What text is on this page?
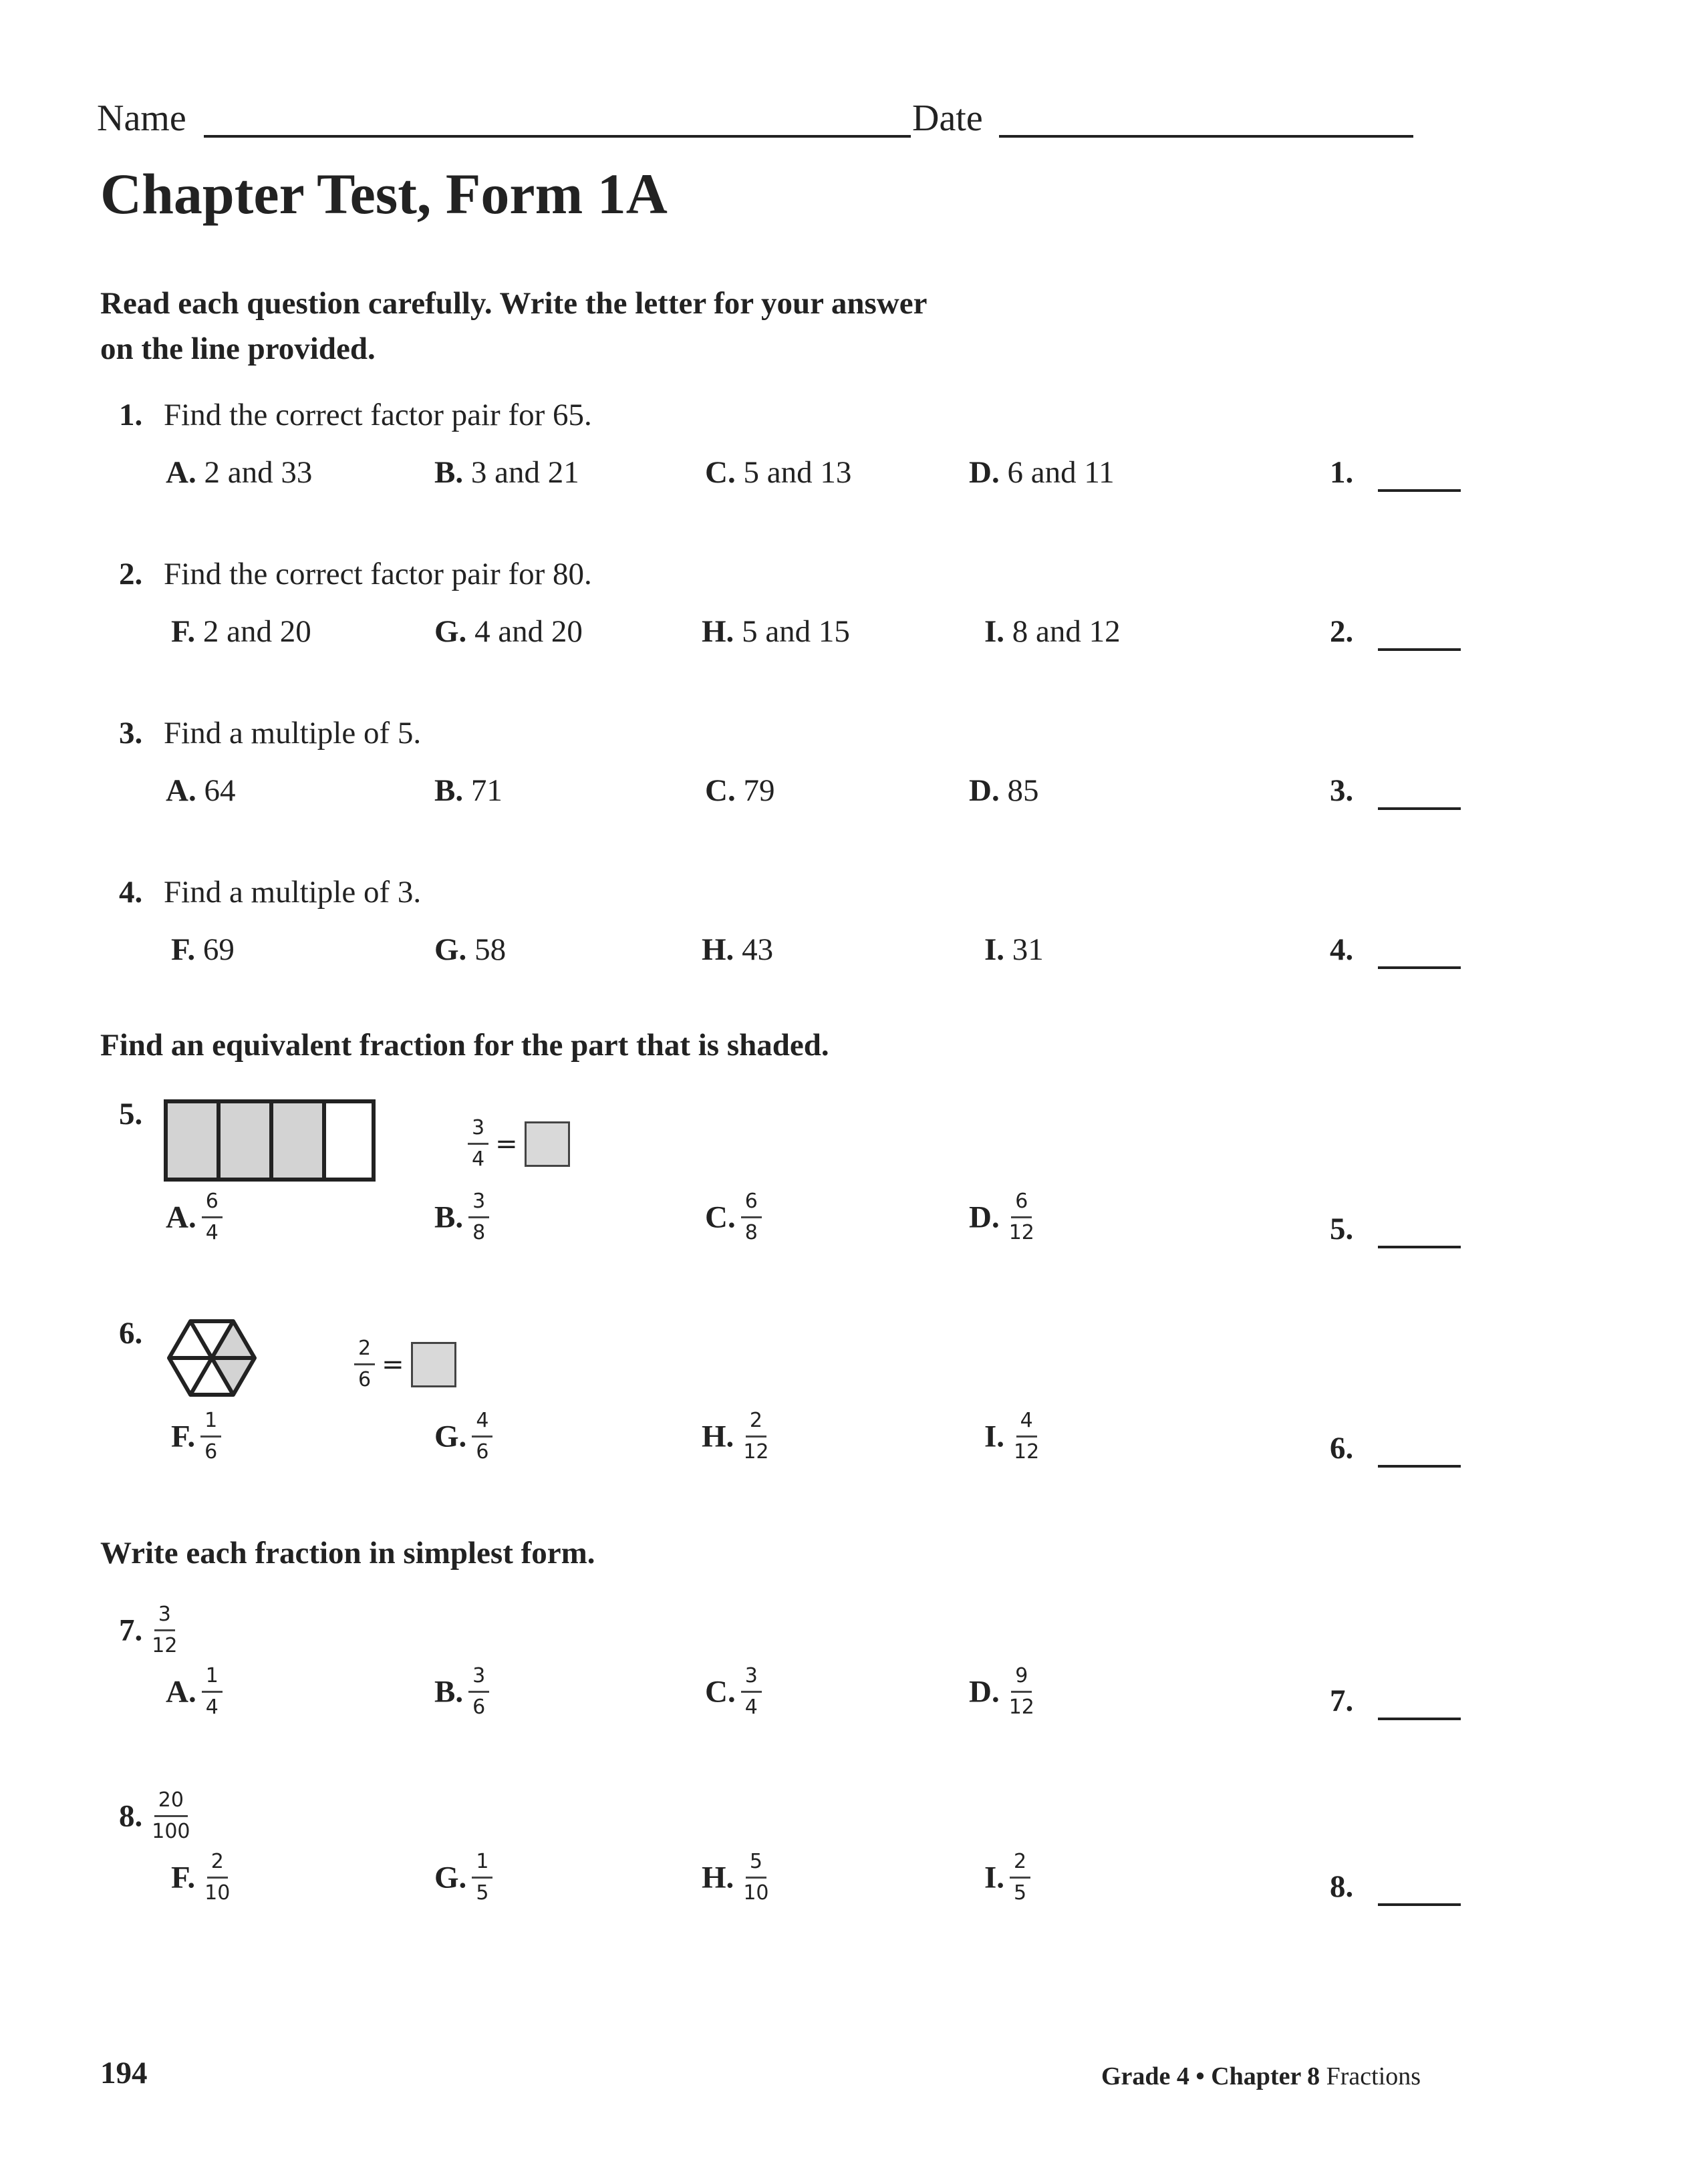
Name	Date
Chapter Test, Form 1A
Read each question carefully. Write the letter for your answer
on the line provided.
1. Find the correct factor pair for 65.
A. 2 and 33	B. 3 and 21	C. 5 and 13	D. 6 and 11
2. Find the correct factor pair for 80.
F. 2 and 20	G. 4 and 20	H. 5 and 15	I. 8 and 12
3. Find a multiple of 5.
A. 64	B. 71	C. 79	D. 85
4. Find a multiple of 3.
F. 69	G. 58	H. 43	I. 31
Find an equivalent fraction for the part that is shaded.
5.
$\frac{3}{4}$ =
A. $\frac{6}{4}$	B. $\frac{3}{8}$	C. $\frac{6}{8}$	D. $\frac{6}{12}$
6.
$\frac{2}{6}$ =
F. $\frac{1}{6}$	G. $\frac{4}{6}$	H. $\frac{2}{12}$	I. $\frac{4}{12}$
Write each fraction in simplest form.
7. $\frac{3}{12}$
A. $\frac{1}{4}$	B. $\frac{3}{6}$	C. $\frac{3}{4}$	D. $\frac{9}{12}$
8. $\frac{20}{100}$
F. $\frac{2}{10}$	G. $\frac{1}{5}$	H. $\frac{5}{10}$	I. $\frac{2}{5}$
1.
2.
3.
4.
5.
6.
7.
8.
194	Grade 4 • Chapter 8 Fractions
